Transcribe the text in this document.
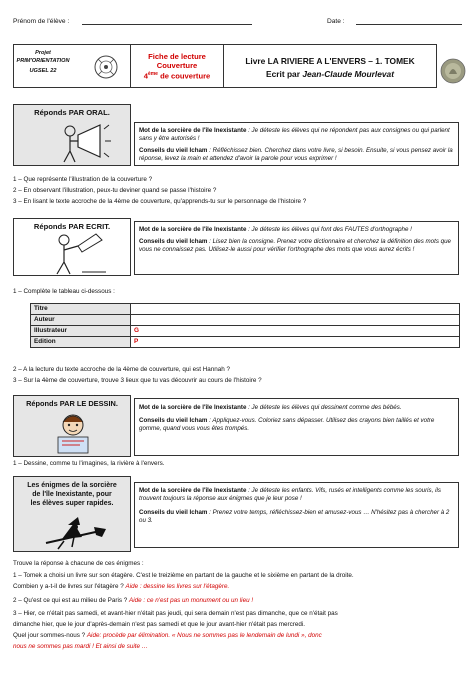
Prénom de l'élève :	Date :
Projet
PRIM'ORIENTATION
UGSEL 22
Fiche de lecture
Couverture
4ème de couverture
Livre LA RIVIERE A L'ENVERS – 1. TOMEK
Ecrit par Jean-Claude Mourlevat
Réponds PAR ORAL.
Mot de la sorcière de l'île Inexistante : Je déteste les élèves qui ne répondent pas aux consignes ou qui parlent sans y être autorisés !
Conseils du vieil Icham : Réfléchissez bien. Cherchez dans votre livre, si besoin. Ensuite, si vous pensez avoir la réponse, levez la main et attendez d'avoir la parole pour vous exprimer !
1 – Que représente l'illustration de la couverture ?
2 – En observant l'illustration, peux-tu deviner quand se passe l'histoire ?
3 – En lisant le texte accroche de la 4ème de couverture, qu'apprends-tu sur le personnage de l'histoire ?
Réponds PAR ECRIT.	Mot de la sorcière de l'île Inexistante : Je déteste les élèves qui font des FAUTES d'orthographe !
Conseils du vieil Icham : Lisez bien la consigne. Prenez votre dictionnaire et cherchez la définition des mots que vous ne connaissez pas. Utilisez-le aussi pour vérifier l'orthographe des mots que vous aurez écrits !
1 – Complète le tableau ci-dessous :
Titre	
Auteur	
Illustrateur	G
Edition	P
2 – A la lecture du texte accroche de la 4ème de couverture, qui est Hannah ?
3 – Sur la 4ème de couverture, trouve 3 lieux que tu vas découvrir au cours de l'histoire ?
Réponds PAR LE DESSIN.	Mot de la sorcière de l'île Inexistante : Je déteste les élèves qui dessinent comme des bébés.
Conseils du vieil Icham : Appliquez-vous. Coloriez sans dépasser. Utilisez des crayons bien taillés et votre gomme, quand vous vous êtes trompés.
1 – Dessine, comme tu l'imagines, la rivière à l'envers.
Les énigmes de la sorcière
de l'île Inexistante, pour
les élèves super rapides.
Mot de la sorcière de l'île Inexistante : Je déteste les enfants. Vifs, rusés et intelligents comme les souris, ils trouvent toujours la réponse aux énigmes que je leur pose !
Conseils du vieil Icham : Prenez votre temps, réfléchissez-bien et amusez-vous … N'hésitez pas à chercher à 2 ou 3.
Trouve la réponse à chacune de ces énigmes :
1 – Tomek a choisi un livre sur son étagère. C'est le treizième en partant de la gauche et le sixième en partant de la droite.
Combien y a-t-il de livres sur l'étagère ? Aide : dessine les livres sur l'étagère.
2 – Qu'est ce qui est au milieu de Paris ? Aide : ce n'est pas un monument ou un lieu !
3 – Hier, ce n'était pas samedi, et avant-hier n'était pas jeudi, qui sera demain n'est pas dimanche, que ce n'était pas
dimanche hier, que le jour d'après-demain n'est pas samedi et que le jour avant-hier n'était pas mercredi.
Quel jour sommes-nous ? Aide: procède par élimination. « Nous ne sommes pas le lendemain de lundi », donc
nous ne sommes pas mardi ! Et ainsi de suite …
